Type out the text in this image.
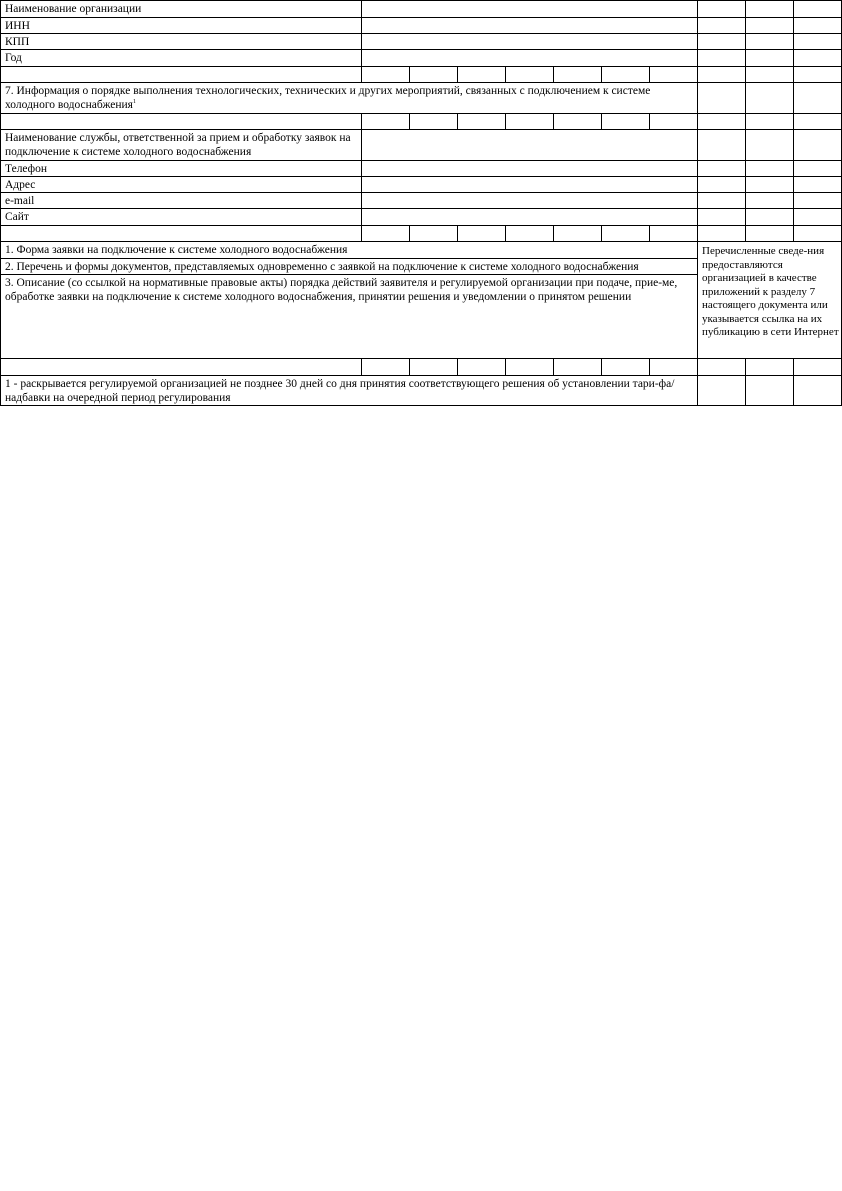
Наименование организации
ИНН
КПП
Год
7. Информация о порядке выполнения технологических, технических и других мероприятий, связанных с подключением к системе холодного водоснабжения$^1$
Наименование службы, ответственной за прием и обработку заявок на подключение к системе холодного водоснабжения
Телефон
Адрес
e-mail
Сайт
1. Форма заявки на подключение к системе холодного водоснабжения
2. Перечень и формы документов, представляемых одновременно с заявкой на подключение к системе холодного водоснабжения
3. Описание (со ссылкой на нормативные правовые акты) порядка действий заявителя и регулируемой организации при подаче, прие-ме, обработке заявки на подключение к системе холодного водоснабжения, принятии решения и уведомлении о принятом решении
Перечисленные сведе-ния предоставляются организацией в качестве приложений к разделу 7 настоящего документа или указывается ссылка на их публикацию в сети Интернет
1 - раскрывается регулируемой организацией не позднее 30 дней со дня принятия соответствующего решения об установлении тари-фа/надбавки на очередной период регулирования
